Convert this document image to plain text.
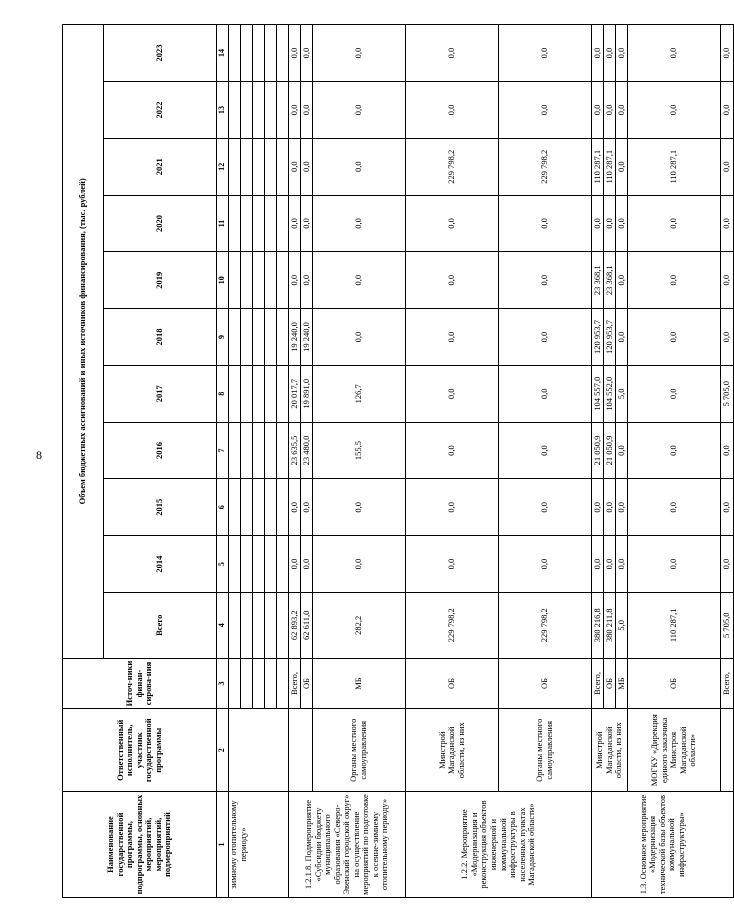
8
Наименование государственной программы, подпрограммы, основных мероприятий, мероприятий, подмероприятий	Ответственный исполнитель, участник государственной программы	Источ-ники финан-сирова-ния	Объем бюджетных ассигнований и иных источников финансирования, (тыс. рублей)										
			Всего	2014	2015	2016	2017	2018	2019	2020	2021	2022	2023
1	2	3	4	5	6	7	8	9	10	11	12	13	14
зимнему отопительному периоду»													

1.2.1.8. Подмероприятие «Субсидии бюджету муниципального образования «Северо-Эвенский городской округ» на осуществление мероприятий по подготовке к осенне-зимнему отопительному периоду»		Всего,	62 893,2	0,0	0,0	23 635,5	20 017,7	19 240,0	0,0	0,0	0,0	0,0	0,0
		ОБ	62 611,0	0,0	0,0	23 480,0	19 891,0	19 240,0	0,0	0,0	0,0	0,0	0,0
	Органы местного самоуправления	МБ	282,2	0,0	0,0	155,5	126,7	0,0	0,0	0,0	0,0	0,0	0,0
1.2.2. Мероприятие «Модернизация и реконструкция объектов инженерной и коммунальной инфраструктуры в населенных пунктах Магаданской области»	Минстрой Магаданской области, из них	ОБ	229 798,2	0,0	0,0	0,0	0,0	0,0	0,0	0,0	229 798,2	0,0	0,0
	Органы местного самоуправления	ОБ	229 798,2	0,0	0,0	0,0	0,0	0,0	0,0	0,0	229 798,2	0,0	0,0
1.3. Основное мероприятие «Модернизация технической базы объектов коммунальной инфраструктуры»	Минстрой Магаданской области, из них	Всего,	380 216,8	0,0	0,0	21 050,9	104 557,0	120 953,7	23 368,1	0,0	110 287,1	0,0	0,0
		ОБ	380 211,8	0,0	0,0	21 050,9	104 552,0	120 953,7	23 368,1	0,0	110 287,1	0,0	0,0
		МБ	5,0	0,0	0,0	0,0	5,0	0,0	0,0	0,0	0,0	0,0	0,0
	МОГКУ «Дирекция единого заказчика Минстроя Магаданской области»	ОБ	110 287,1	0,0	0,0	0,0	0,0	0,0	0,0	0,0	110 287,1	0,0	0,0
		Всего,	5 705,0	0,0	0,0	0,0	5 705,0	0,0	0,0	0,0	0,0	0,0	0,0
